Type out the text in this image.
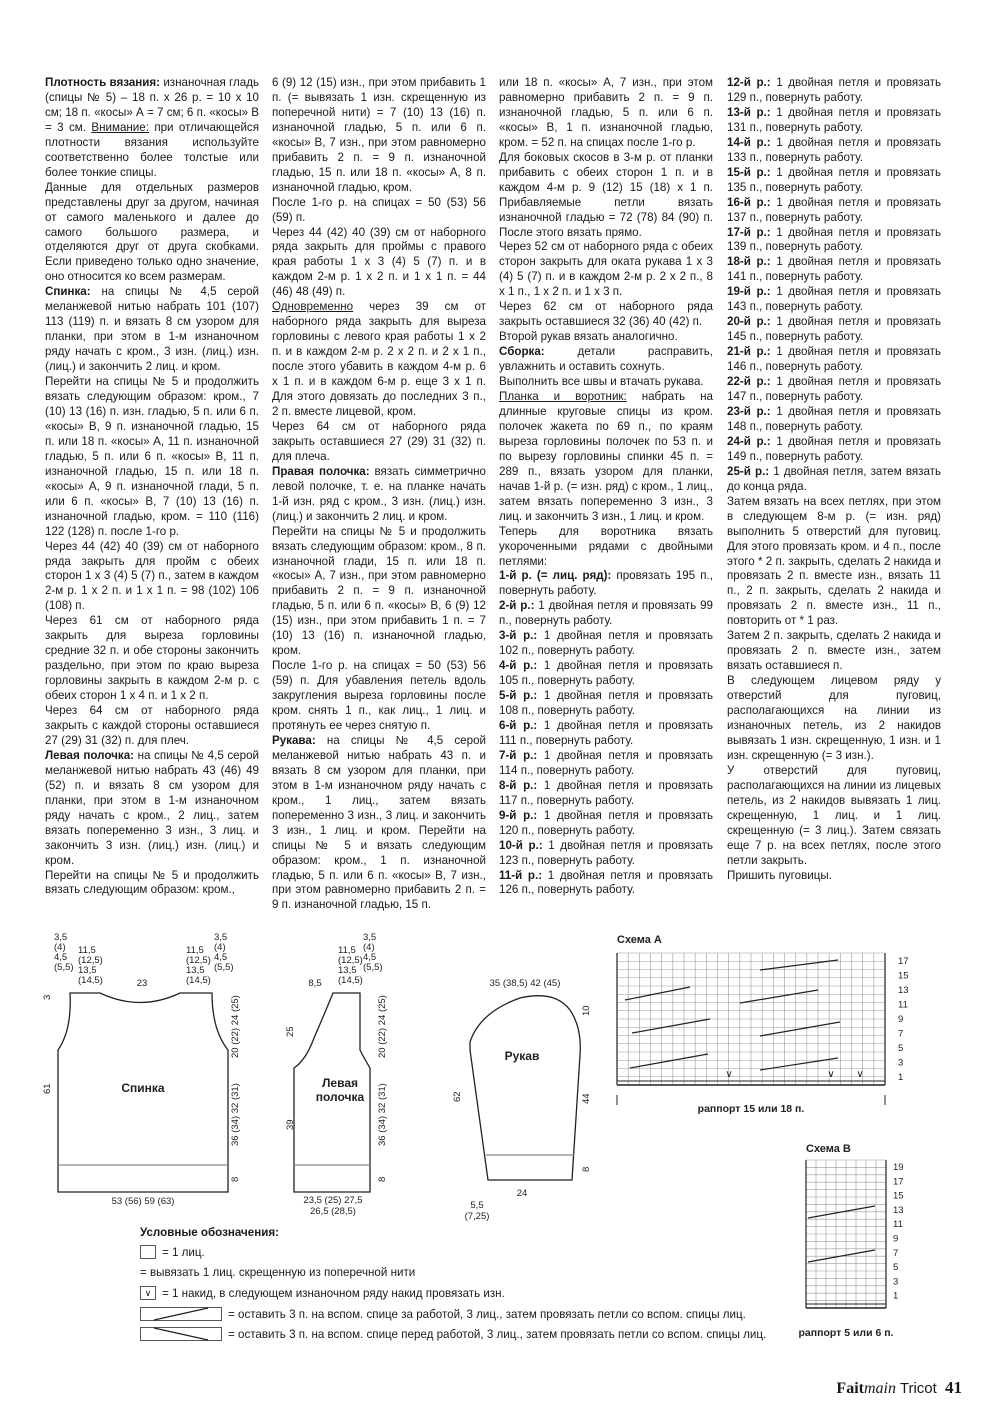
Плотность вязания: изнаночная гладь (спицы № 5) – 18 п. x 26 р. = 10 x 10 см; 18 п. «косы» А = 7 см; 6 п. «косы» В = 3 см. Внимание: при отличающейся плотности вязания используйте соответственно более толстые или более тонкие спицы.

Данные для отдельных размеров представлены друг за другом, начиная от самого маленького и далее до самого большого размера, и отделяются друг от друга скобками. Если приведено только одно значение, оно относится ко всем размерам.

Спинка: на спицы № 4,5 серой меланжевой нитью набрать 101 (107) 113 (119) п. и вязать 8 см узором для планки, при этом в 1-м изнаночном ряду начать с кром., 3 изн. (лиц.) изн. (лиц.) и закончить 2 лиц. и кром.

Перейти на спицы № 5 и продолжить вязать следующим образом: кром., 7 (10) 13 (16) п. изн. гладью, 5 п. или 6 п. «косы» В, 9 п. изнаночной гладью, 15 п. или 18 п. «косы» А, 11 п. изнаночной гладью, 5 п. или 6 п. «косы» В, 11 п. изнаночной гладью, 15 п. или 18 п. «косы» А, 9 п. изнаночной глади, 5 п. или 6 п. «косы» В, 7 (10) 13 (16) п. изнаночной гладью, кром. = 110 (116) 122 (128) п. после 1-го р.

Через 44 (42) 40 (39) см от наборного ряда закрыть для пройм с обеих сторон 1 x 3 (4) 5 (7) п., затем в каждом 2-м р. 1 x 2 п. и 1 x 1 п. = 98 (102) 106 (108) п.

Через 61 см от наборного ряда закрыть для выреза горловины средние 32 п. и обе стороны закончить раздельно, при этом по краю выреза горловины закрыть в каждом 2-м р. с обеих сторон 1 x 4 п. и 1 x 2 п.

Через 64 см от наборного ряда закрыть с каждой стороны оставшиеся 27 (29) 31 (32) п. для плеч.

Левая полочка: на спицы № 4,5 серой меланжевой нитью набрать 43 (46) 49 (52) п. и вязать 8 см узором для планки, при этом в 1-м изнаночном ряду начать с кром., 2 лиц., затем вязать попеременно 3 изн., 3 лиц. и закончить 3 изн. (лиц.) изн. (лиц.) и кром.

Перейти на спицы № 5 и продолжить вязать следующим образом: кром.,

6 (9) 12 (15) изн., при этом прибавить 1 п. (= вывязать 1 изн. скрещенную из поперечной нити) = 7 (10) 13 (16) п. изнаночной гладью, 5 п. или 6 п. «косы» В, 7 изн., при этом равномерно прибавить 2 п. = 9 п. изнаночной гладью, 15 п. или 18 п. «косы» А, 8 п. изнаночной гладью, кром.

После 1-го р. на спицах = 50 (53) 56 (59) п.

Через 44 (42) 40 (39) см от наборного ряда закрыть для проймы с правого края работы 1 x 3 (4) 5 (7) п. и в каждом 2-м р. 1 x 2 п. и 1 x 1 п. = 44 (46) 48 (49) п.

Одновременно через 39 см от наборного ряда закрыть для выреза горловины с левого края работы 1 x 2 п. и в каждом 2-м р. 2 x 2 п. и 2 x 1 п., после этого убавить в каждом 4-м р. 6 x 1 п. и в каждом 6-м р. еще 3 x 1 п. Для этого довязать до последних 3 п., 2 п. вместе лицевой, кром.

Через 64 см от наборного ряда закрыть оставшиеся 27 (29) 31 (32) п. для плеча.

Правая полочка: вязать симметрично левой полочке, т. е. на планке начать 1-й изн. ряд с кром., 3 изн. (лиц.) изн. (лиц.) и закончить 2 лиц. и кром.

Перейти на спицы № 5 и продолжить вязать следующим образом: кром., 8 п. изнаночной глади, 15 п. или 18 п. «косы» А, 7 изн., при этом равномерно прибавить 2 п. = 9 п. изнаночной гладью, 5 п. или 6 п. «косы» В, 6 (9) 12 (15) изн., при этом прибавить 1 п. = 7 (10) 13 (16) п. изнаночной гладью, кром.

После 1-го р. на спицах = 50 (53) 56 (59) п. Для убавления петель вдоль закругления выреза горловины после кром. снять 1 п., как лиц., 1 лиц. и протянуть ее через снятую п.

Рукава: на спицы № 4,5 серой меланжевой нитью набрать 43 п. и вязать 8 см узором для планки, при этом в 1-м изнаночном ряду начать с кром., 1 лиц., затем вязать попеременно 3 изн., 3 лиц. и закончить 3 изн., 1 лиц. и кром. Перейти на спицы № 5 и вязать следующим образом: кром., 1 п. изнаночной гладью, 5 п. или 6 п. «косы» В, 7 изн., при этом равномерно прибавить 2 п. = 9 п. изнаночной гладью, 15 п.

или 18 п. «косы» А, 7 изн., при этом равномерно прибавить 2 п. = 9 п. изнаночной гладью, 5 п. или 6 п. «косы» В, 1 п. изнаночной гладью, кром. = 52 п. на спицах после 1-го р.

Для боковых скосов в 3-м р. от планки прибавить с обеих сторон 1 п. и в каждом 4-м р. 9 (12) 15 (18) x 1 п. Прибавляемые петли вязать изнаночной гладью = 72 (78) 84 (90) п. После этого вязать прямо.

Через 52 см от наборного ряда с обеих сторон закрыть для оката рукава 1 x 3 (4) 5 (7) п. и в каждом 2-м р. 2 x 2 п., 8 x 1 п., 1 x 2 п. и 1 x 3 п.

Через 62 см от наборного ряда закрыть оставшиеся 32 (36) 40 (42) п.

Второй рукав вязать аналогично.

Сборка: детали расправить, увлажнить и оставить сохнуть.

Выполнить все швы и втачать рукава.

Планка и воротник: набрать на длинные круговые спицы из кром. полочек жакета по 69 п., по краям выреза горловины полочек по 53 п. и по вырезу горловины спинки 45 п. = 289 п., вязать узором для планки, начав 1-й р. (= изн. ряд) с кром., 1 лиц., затем вязать попеременно 3 изн., 3 лиц. и закончить 3 изн., 1 лиц. и кром.

Теперь для воротника вязать укороченными рядами с двойными петлями:

1-й р. (= лиц. ряд): провязать 195 п., повернуть работу.

2-й р.: 1 двойная петля и провязать 99 п., повернуть работу.

3-й р.: 1 двойная петля и провязать 102 п., повернуть работу.

4-й р.: 1 двойная петля и провязать 105 п., повернуть работу.

5-й р.: 1 двойная петля и провязать 108 п., повернуть работу.

6-й р.: 1 двойная петля и провязать 111 п., повернуть работу.

7-й р.: 1 двойная петля и провязать 114 п., повернуть работу.

8-й р.: 1 двойная петля и провязать 117 п., повернуть работу.

9-й р.: 1 двойная петля и провязать 120 п., повернуть работу.

10-й р.: 1 двойная петля и провязать 123 п., повернуть работу.

11-й р.: 1 двойная петля и провязать 126 п., повернуть работу.

12-й р.: 1 двойная петля и провязать 129 п., повернуть работу.

13-й р.: 1 двойная петля и провязать 131 п., повернуть работу.

14-й р.: 1 двойная петля и провязать 133 п., повернуть работу.

15-й р.: 1 двойная петля и провязать 135 п., повернуть работу.

16-й р.: 1 двойная петля и провязать 137 п., повернуть работу.

17-й р.: 1 двойная петля и провязать 139 п., повернуть работу.

18-й р.: 1 двойная петля и провязать 141 п., повернуть работу.

19-й р.: 1 двойная петля и провязать 143 п., повернуть работу.

20-й р.: 1 двойная петля и провязать 145 п., повернуть работу.

21-й р.: 1 двойная петля и провязать 146 п., повернуть работу.

22-й р.: 1 двойная петля и провязать 147 п., повернуть работу.

23-й р.: 1 двойная петля и провязать 148 п., повернуть работу.

24-й р.: 1 двойная петля и провязать 149 п., повернуть работу.

25-й р.: 1 двойная петля, затем вязать до конца ряда.

Затем вязать на всех петлях, при этом в следующем 8-м р. (= изн. ряд) выполнить 5 отверстий для пуговиц. Для этого провязать кром. и 4 п., после этого * 2 п. закрыть, сделать 2 накида и провязать 2 п. вместе изн., вязать 11 п., 2 п. закрыть, сделать 2 накида и провязать 2 п. вместе изн., 11 п., повторить от * 1 раз.

Затем 2 п. закрыть, сделать 2 накида и провязать 2 п. вместе изн., затем вязать оставшиеся п.

В следующем лицевом ряду у отверстий для пуговиц, располагающихся на линии из изнаночных петель, из 2 накидов вывязать 1 изн. скрещенную, 1 изн. и 1 изн. скрещенную (= 3 изн.).

У отверстий для пуговиц, располагающихся на линии из лицевых петель, из 2 накидов вывязать 1 лиц. скрещенную, 1 лиц. и 1 лиц. скрещенную (= 3 лиц.). Затем связать еще 7 р. на всех петлях, после этого петли закрыть.

Пришить пуговицы.

Спинка
3,5
(4)
4,5
(5,5)
11,5
(12,5)
13,5
(14,5)
11,5
(12,5)
13,5
(14,5)
3,5
(4)
4,5
(5,5)
23
3
61
20 (22) 24 (25)
36 (34) 32 (31)
8
53 (56) 59 (63)
Левая
полочка
11,5
(12,5)
13,5
(14,5)
3,5
(4)
4,5
(5,5)
8,5
25
39
20 (22) 24 (25)
36 (34) 32 (31)
8
23,5 (25) 27,5
26,5 (28,5)
Рукав
35 (38,5) 42 (45)
62
10
44
8
24
5,5
(7,25)
∨	∨ ∨
Схема А
17
15
13
11
9
7
5
3
1
раппорт 15 или 18 п.
Схема В
19
17
15
13
11
9
7
5
3
1
раппорт 5 или 6 п.
Условные обозначения:
= 1 лиц.
= вывязать 1 лиц. скрещенную из поперечной нити
∨ = 1 накид, в следующем изнаночном ряду накид провязать изн.
= оставить 3 п. на вспом. спице за работой, 3 лиц., затем провязать петли со вспом. спицы лиц.
= оставить 3 п. на вспом. спице перед работой, 3 лиц., затем провязать петли со вспом. спицы лиц.
Faitmain Tricot 41
